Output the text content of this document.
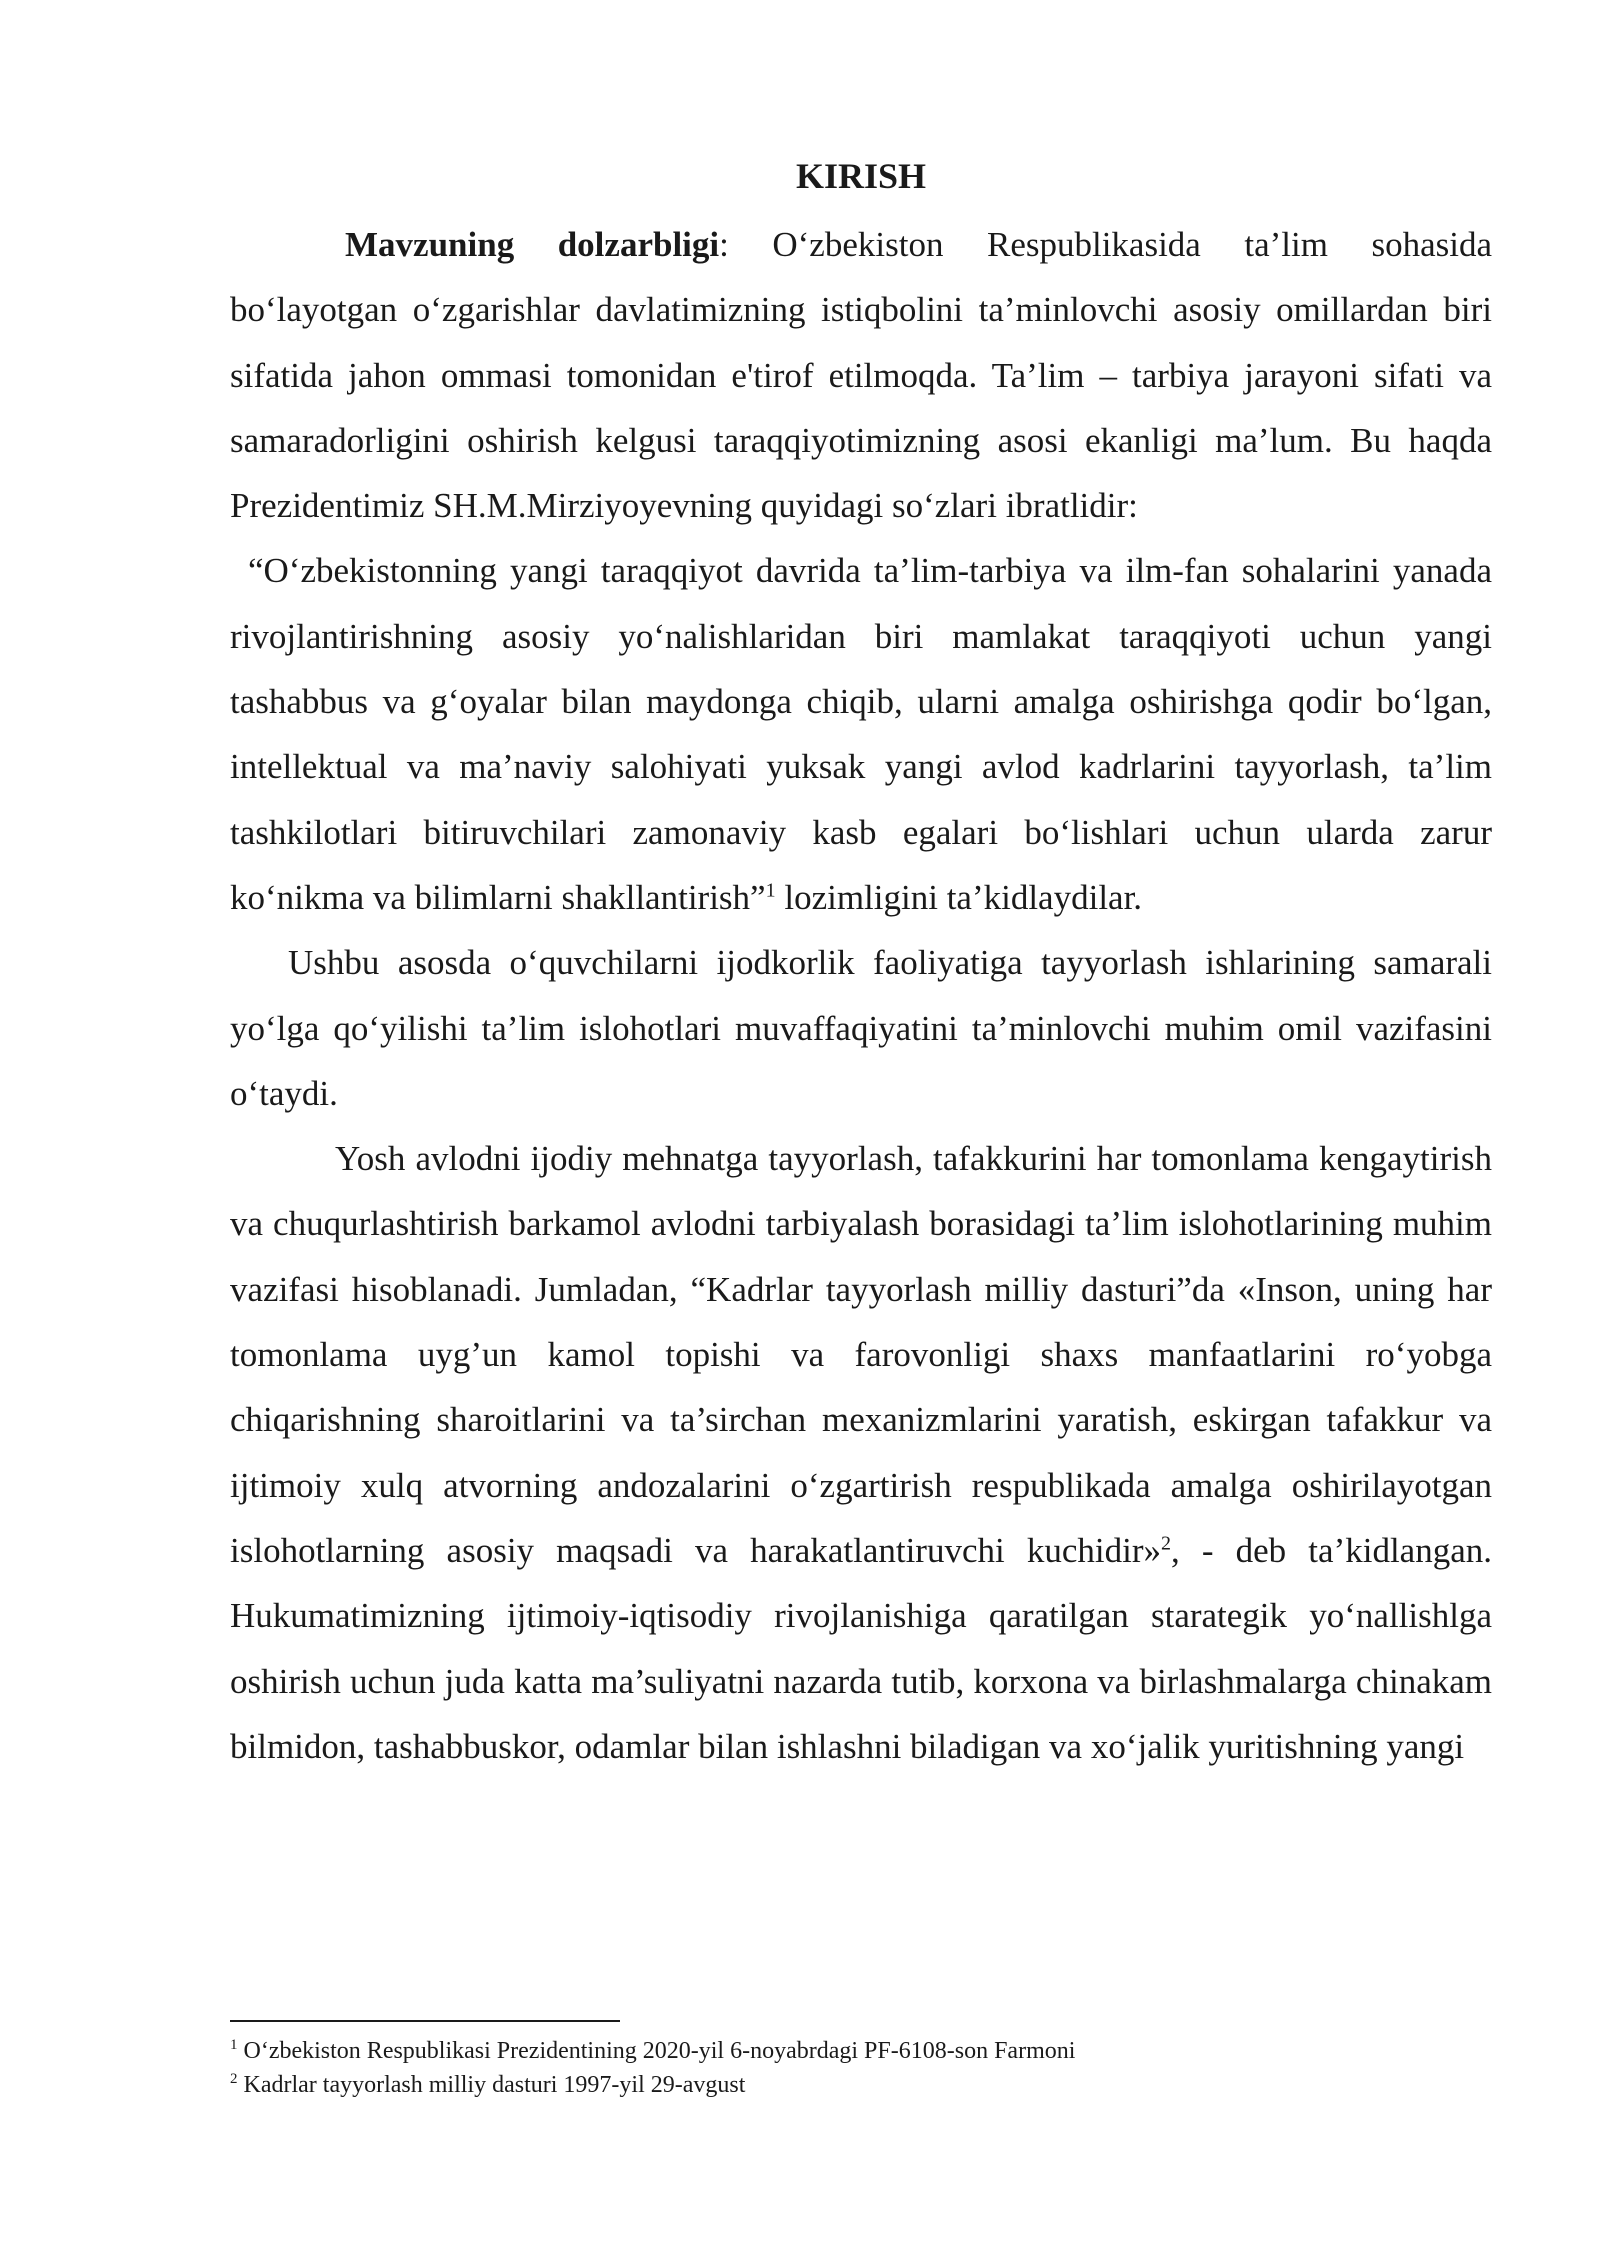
KIRISH

Mavzuning dolzarbligi: O‘zbekiston Respublikasida ta’lim sohasida bo‘layotgan o‘zgarishlar davlatimizning istiqbolini ta’minlovchi asosiy omillardan biri sifatida jahon ommasi tomonidan e'tirof etilmoqda. Ta’lim – tarbiya jarayoni sifati va samaradorligini oshirish kelgusi taraqqiyotimizning asosi ekanligi ma’lum. Bu haqda Prezidentimiz SH.M.Mirziyoyevning quyidagi so‘zlari ibratlidir:

“O‘zbekistonning yangi taraqqiyot davrida ta’lim-tarbiya va ilm-fan sohalarini yanada rivojlantirishning asosiy yo‘nalishlaridan biri mamlakat taraqqiyoti uchun yangi tashabbus va g‘oyalar bilan maydonga chiqib, ularni amalga oshirishga qodir bo‘lgan, intellektual va ma’naviy salohiyati yuksak yangi avlod kadrlarini tayyorlash, ta’lim tashkilotlari bitiruvchilari zamonaviy kasb egalari bo‘lishlari uchun ularda zarur ko‘nikma va bilimlarni shakllantirish”$^1$ lozimligini ta’kidlaydilar.

Ushbu asosda o‘quvchilarni ijodkorlik faoliyatiga tayyorlash ishlarining samarali yo‘lga qo‘yilishi ta’lim islohotlari muvaffaqiyatini ta’minlovchi muhim omil vazifasini o‘taydi.

Yosh avlodni ijodiy mehnatga tayyorlash, tafakkurini har tomonlama kengaytirish va chuqurlashtirish barkamol avlodni tarbiyalash borasidagi ta’lim islohotlarining muhim vazifasi hisoblanadi. Jumladan, “Kadrlar tayyorlash milliy dasturi”da «Inson, uning har tomonlama uyg’un kamol topishi va farovonligi shaxs manfaatlarini ro‘yobga chiqarishning sharoitlarini va ta’sirchan mexanizmlarini yaratish, eskirgan tafakkur va ijtimoiy xulq atvorning andozalarini o‘zgartirish respublikada amalga oshirilayotgan islohotlarning asosiy maqsadi va harakatlantiruvchi kuchidir»$^2$, - deb ta’kidlangan. Hukumatimizning ijtimoiy-iqtisodiy rivojlanishiga qaratilgan starategik yo‘nallishlga oshirish uchun juda katta ma’suliyatni nazarda tutib, korxona va birlashmalarga chinakam bilmidon, tashabbuskor, odamlar bilan ishlashni biladigan va xo‘jalik yuritishning yangi

$^1$ O‘zbekiston Respublikasi Prezidentining 2020-yil 6-noyabrdagi PF-6108-son Farmoni

$^2$ Kadrlar tayyorlash milliy dasturi 1997-yil 29-avgust
